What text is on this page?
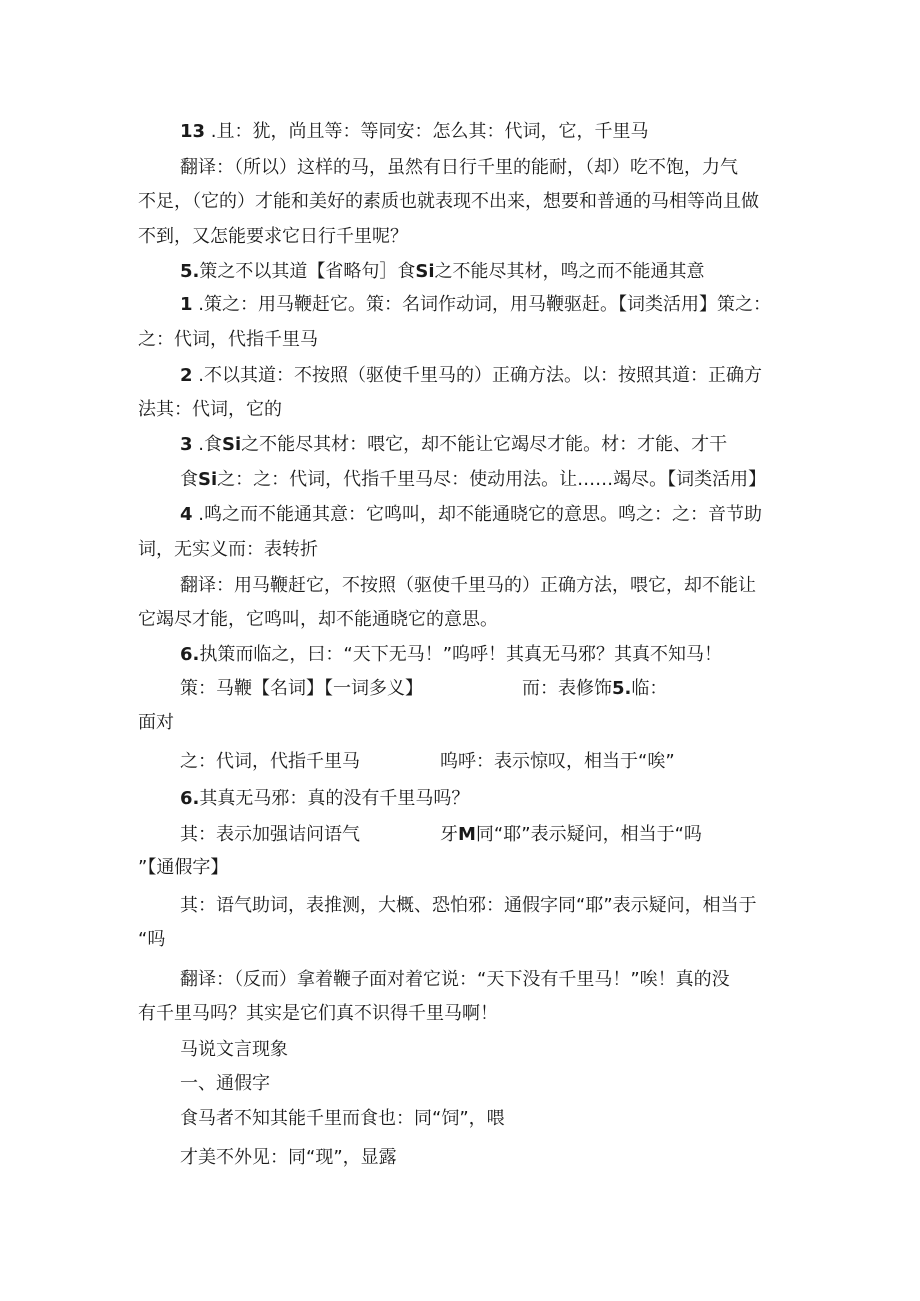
13 .且：犹，尚且等：等同安：怎么其：代词，它，千里马
翻译：（所以）这样的马，虽然有日行千里的能耐，（却）吃不饱，力气
不足，（它的）才能和美好的素质也就表现不出来，想要和普通的马相等尚且做
不到，又怎能要求它日行千里呢？
5.策之不以其道【省略句］食Si之不能尽其材，鸣之而不能通其意
1 .策之：用马鞭赶它。策：名词作动词，用马鞭驱赶。【词类活用】策之：
之：代词，代指千里马
2 .不以其道：不按照（驱使千里马的）正确方法。以：按照其道：正确方
法其：代词，它的
3 .食Si之不能尽其材：喂它，却不能让它竭尽才能。材：才能、才干
食Si之：之：代词，代指千里马尽：使动用法。让……竭尽。【词类活用】
4 .鸣之而不能通其意：它鸣叫，却不能通晓它的意思。鸣之：之：音节助
词，无实义而：表转折
翻译：用马鞭赶它，不按照（驱使千里马的）正确方法，喂它，却不能让
它竭尽才能，它鸣叫，却不能通晓它的意思。
6.执策而临之，曰：“天下无马！”呜呼！其真无马邪？其真不知马！
策：马鞭【名词】【一词多义】	而：表修饰5.临：
面对
之：代词，代指千里马	呜呼：表示惊叹，相当于“唉”
6.其真无马邪：真的没有千里马吗？
其：表示加强诘问语气	牙M同“耶”表示疑问，相当于“吗
”【通假字】
其：语气助词，表推测，大概、恐怕邪：通假字同“耶”表示疑问，相当于
“吗
翻译：（反而）拿着鞭子面对着它说：“天下没有千里马！”唉！真的没
有千里马吗？其实是它们真不识得千里马啊！
马说文言现象
一、通假字
食马者不知其能千里而食也：同“饲”，喂
才美不外见：同“现”，显露
